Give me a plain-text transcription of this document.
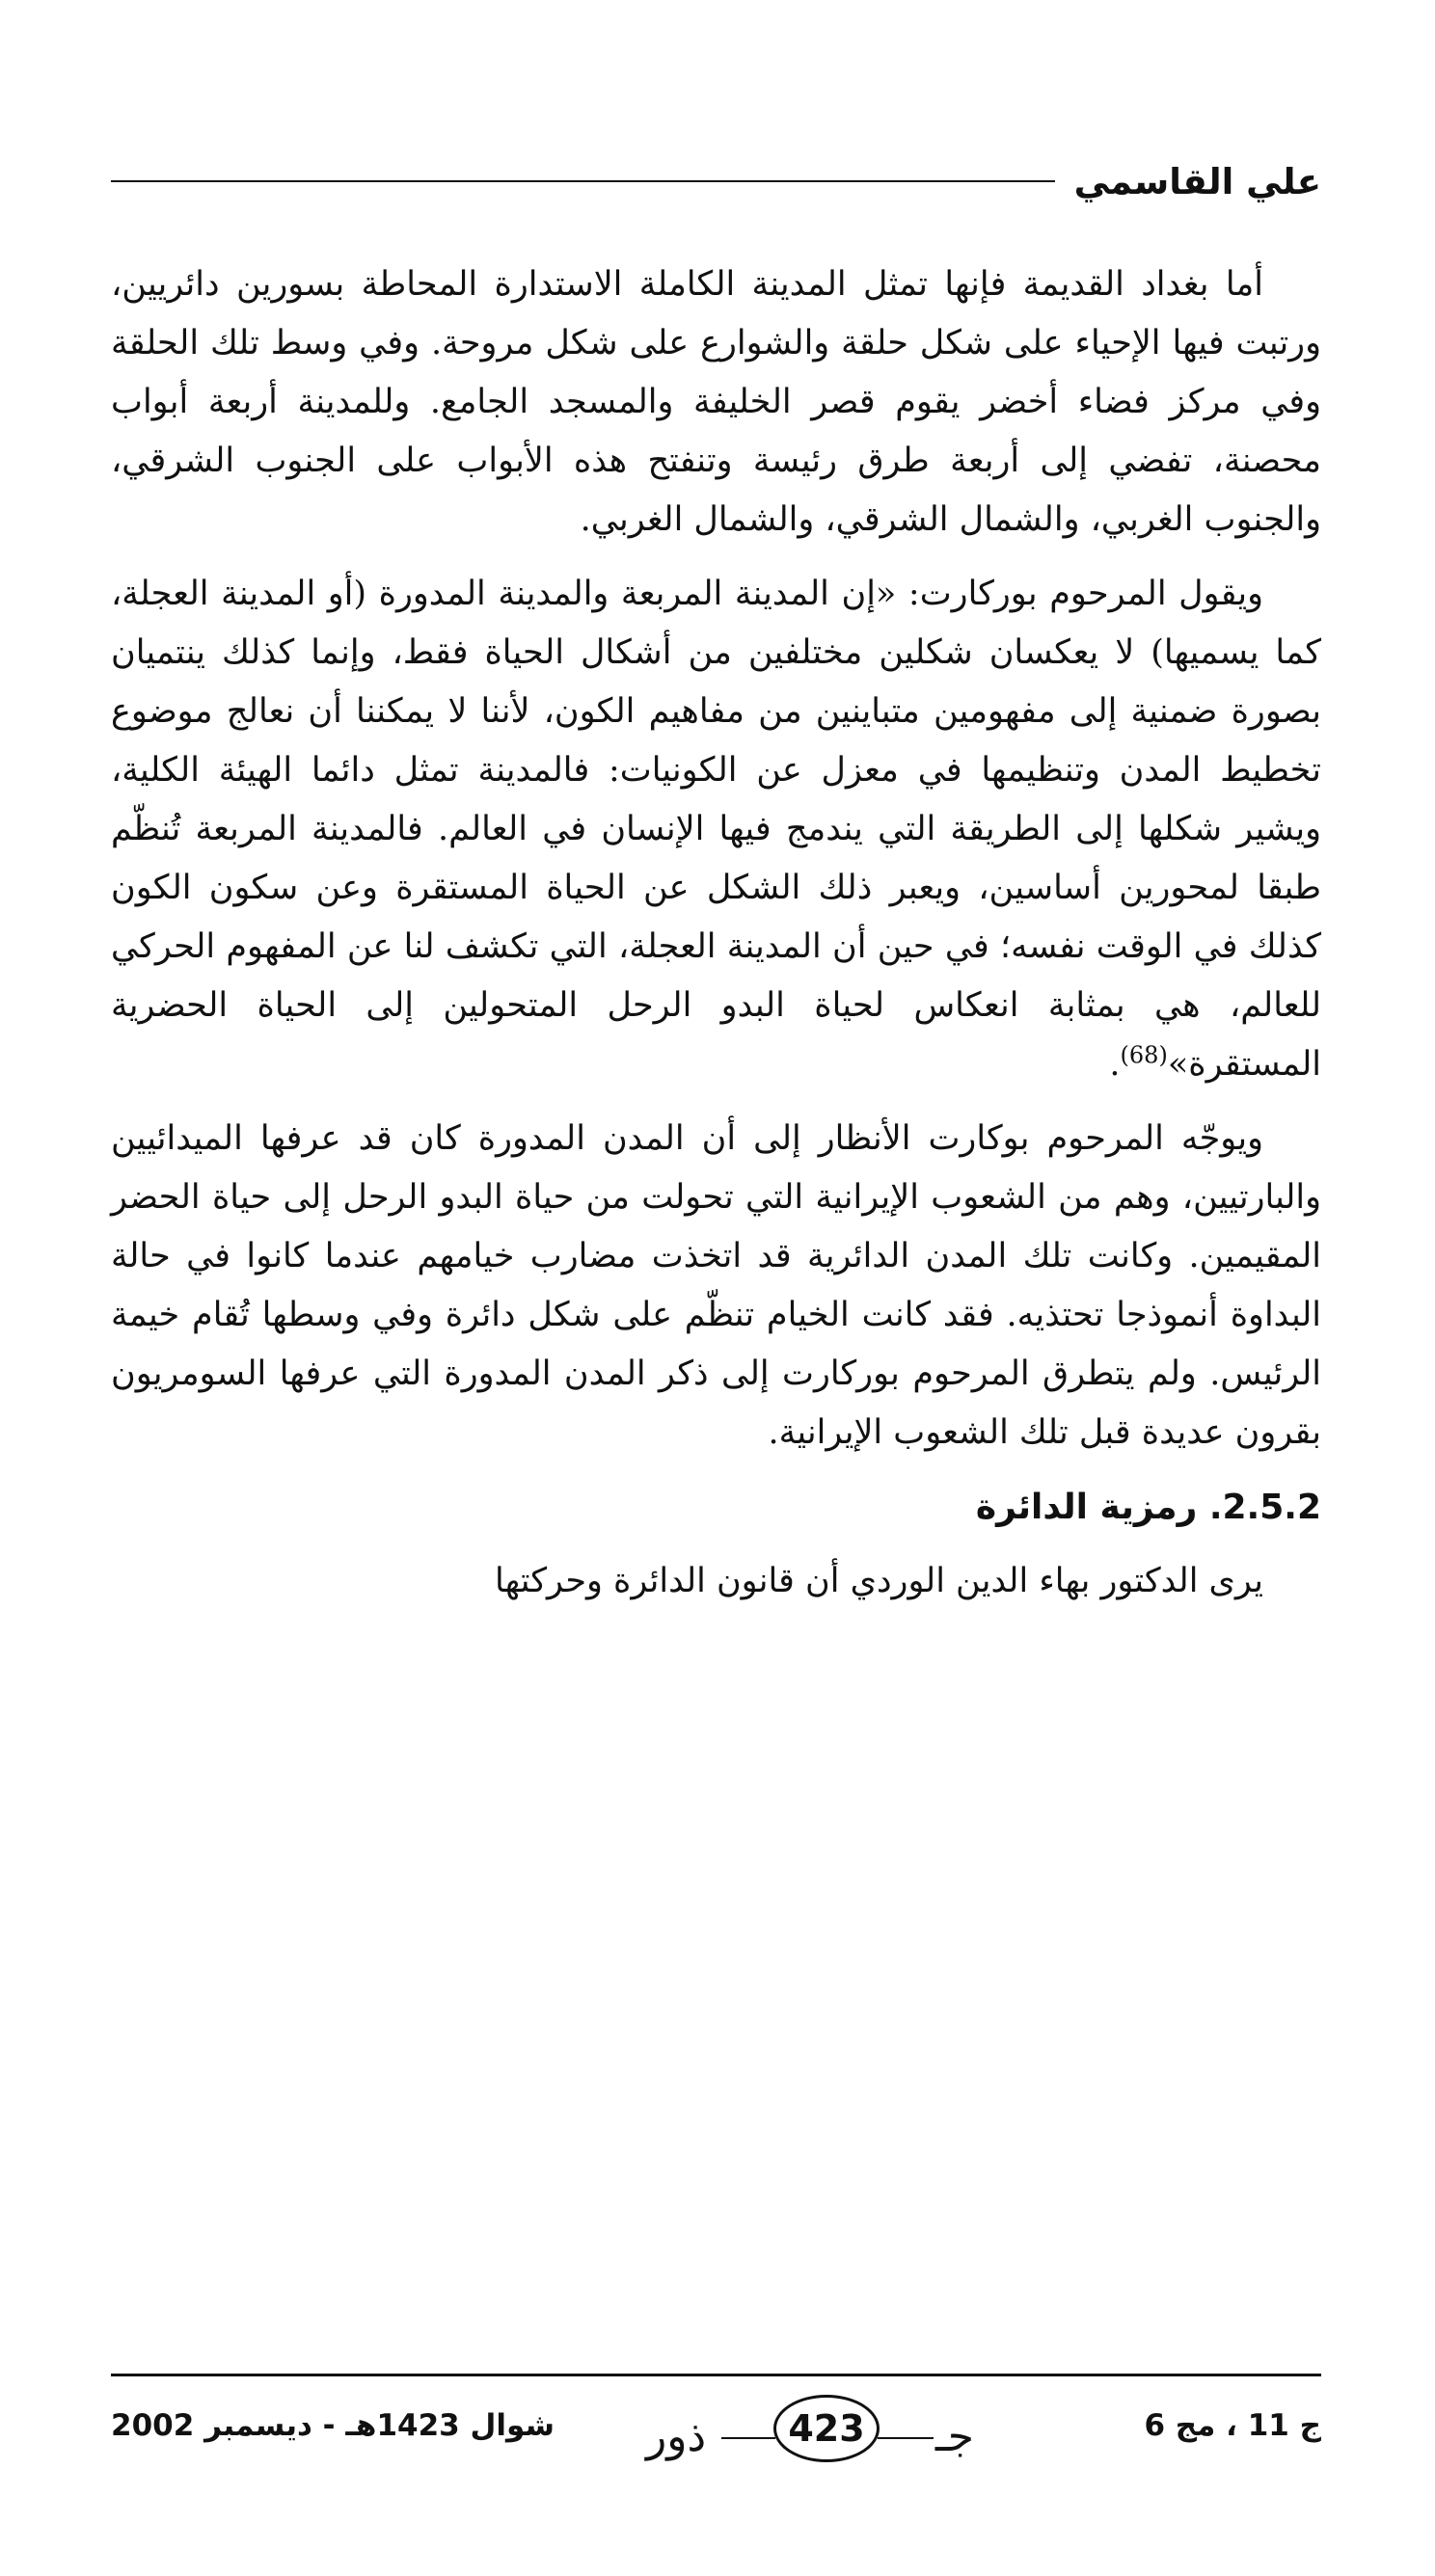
علي القاسمي

أما بغداد القديمة فإنها تمثل المدينة الكاملة الاستدارة المحاطة بسورين دائريين، ورتبت فيها الإحياء على شكل حلقة والشوارع على شكل مروحة. وفي وسط تلك الحلقة وفي مركز فضاء أخضر يقوم قصر الخليفة والمسجد الجامع. وللمدينة أربعة أبواب محصنة، تفضي إلى أربعة طرق رئيسة وتنفتح هذه الأبواب على الجنوب الشرقي، والجنوب الغربي، والشمال الشرقي، والشمال الغربي.

ويقول المرحوم بوركارت: «إن المدينة المربعة والمدينة المدورة (أو المدينة العجلة، كما يسميها) لا يعكسان شكلين مختلفين من أشكال الحياة فقط، وإنما كذلك ينتميان بصورة ضمنية إلى مفهومين متباينين من مفاهيم الكون، لأننا لا يمكننا أن نعالج موضوع تخطيط المدن وتنظيمها في معزل عن الكونيات: فالمدينة تمثل دائما الهيئة الكلية، ويشير شكلها إلى الطريقة التي يندمج فيها الإنسان في العالم. فالمدينة المربعة تُنظّم طبقا لمحورين أساسين، ويعبر ذلك الشكل عن الحياة المستقرة وعن سكون الكون كذلك في الوقت نفسه؛ في حين أن المدينة العجلة، التي تكشف لنا عن المفهوم الحركي للعالم، هي بمثابة انعكاس لحياة البدو الرحل المتحولين إلى الحياة الحضرية المستقرة»$^{(68)}$.

ويوجّه المرحوم بوكارت الأنظار إلى أن المدن المدورة كان قد عرفها الميدائيين والبارتيين، وهم من الشعوب الإيرانية التي تحولت من حياة البدو الرحل إلى حياة الحضر المقيمين. وكانت تلك المدن الدائرية قد اتخذت مضارب خيامهم عندما كانوا في حالة البداوة أنموذجا تحتذيه. فقد كانت الخيام تنظّم على شكل دائرة وفي وسطها تُقام خيمة الرئيس. ولم يتطرق المرحوم بوركارت إلى ذكر المدن المدورة التي عرفها السومريون بقرون عديدة قبل تلك الشعوب الإيرانية.

2.5.2. رمزية الدائرة

يرى الدكتور بهاء الدين الوردي أن قانون الدائرة وحركتها

ج 11 ، مج 6
ذور	423	جـ
شوال 1423هـ - ديسمبر 2002
